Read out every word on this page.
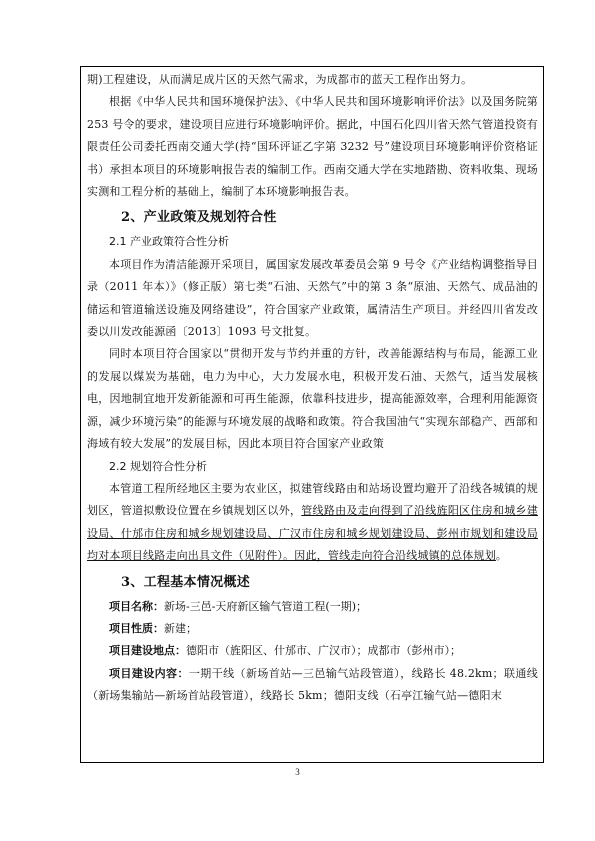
期)工程建设，从而满足成片区的天然气需求，为成都市的蓝天工程作出努力。

根据《中华人民共和国环境保护法》、《中华人民共和国环境影响评价法》以及国务院第 253 号令的要求，建设项目应进行环境影响评价。据此，中国石化四川省天然气管道投资有限责任公司委托西南交通大学(持“国环评证乙字第 3232 号”建设项目环境影响评价资格证书）承担本项目的环境影响报告表的编制工作。西南交通大学在实地踏勘、资料收集、现场实测和工程分析的基础上，编制了本环境影响报告表。

2、产业政策及规划符合性
2.1 产业政策符合性分析

本项目作为清洁能源开采项目，属国家发展改革委员会第 9 号令《产业结构调整指导目录（2011 年本）》（修正版）第七类“石油、天然气”中的第 3 条“原油、天然气、成品油的储运和管道输送设施及网络建设”，符合国家产业政策，属清洁生产项目。并经四川省发改委以川发改能源函〔2013〕1093 号文批复。

同时本项目符合国家以“贯彻开发与节约并重的方针，改善能源结构与布局，能源工业的发展以煤炭为基础，电力为中心，大力发展水电，积极开发石油、天然气，适当发展核电，因地制宜地开发新能源和可再生能源，依靠科技进步，提高能源效率，合理利用能源资源，减少环境污染”的能源与环境发展的战略和政策。符合我国油气“实现东部稳产、西部和海域有较大发展”的发展目标，因此本项目符合国家产业政策

2.2 规划符合性分析

本管道工程所经地区主要为农业区，拟建管线路由和站场设置均避开了沿线各城镇的规划区，管道拟敷设位置在乡镇规划区以外，管线路由及走向得到了沿线旌阳区住房和城乡建设局、什邡市住房和城乡规划建设局、广汉市住房和城乡规划建设局、彭州市规划和建设局均对本项目线路走向出具文件（见附件）。因此，管线走向符合沿线城镇的总体规划。

3、工程基本情况概述

项目名称：新场-三邑-天府新区输气管道工程(一期)；

项目性质：新建；

项目建设地点：德阳市（旌阳区、什邡市、广汉市）；成都市（彭州市）；

项目建设内容：一期干线（新场首站—三邑输气站段管道），线路长 48.2km；联通线（新场集输站—新场首站段管道），线路长 5km；德阳支线（石亭江输气站—德阳末

3
